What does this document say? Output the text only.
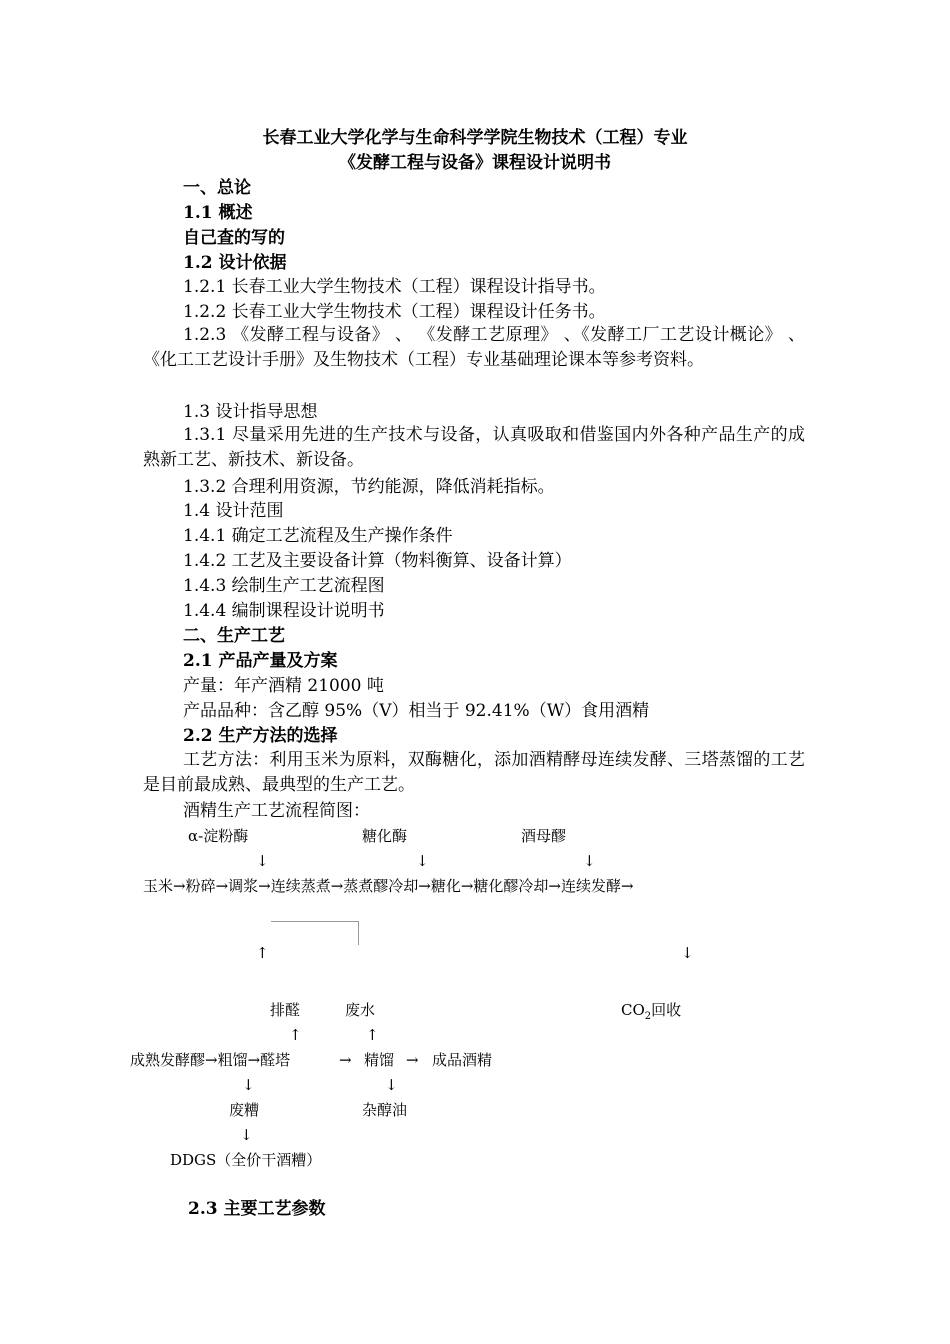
长春工业大学化学与生命科学学院生物技术（工程）专业
《发酵工程与设备》课程设计说明书
一、总论
1.1 概述
自己查的写的
1.2 设计依据
1.2.1 长春工业大学生物技术（工程）课程设计指导书。
1.2.2 长春工业大学生物技术（工程）课程设计任务书。
1.2.3 《发酵工程与设备》 、 《发酵工艺原理》 、《发酵工厂工艺设计概论》 、《化工工艺设计手册》及生物技术（工程）专业基础理论课本等参考资料。
1.3 设计指导思想
1.3.1 尽量采用先进的生产技术与设备，认真吸取和借鉴国内外各种产品生产的成熟新工艺、新技术、新设备。
1.3.2 合理利用资源，节约能源，降低消耗指标。
1.4 设计范围
1.4.1 确定工艺流程及生产操作条件
1.4.2 工艺及主要设备计算（物料衡算、设备计算）
1.4.3 绘制生产工艺流程图
1.4.4 编制课程设计说明书
二、生产工艺
2.1 产品产量及方案
产量：年产酒精 21000 吨
产品品种：含乙醇 95%（V）相当于 92.41%（W）食用酒精
2.2 生产方法的选择
工艺方法：利用玉米为原料，双酶糖化，添加酒精酵母连续发酵、三塔蒸馏的工艺是目前最成熟、最典型的生产工艺。
酒精生产工艺流程简图：
α-淀粉酶	糖化酶	酒母醪
↓	↓	↓
玉米→粉碎→调浆→连续蒸煮→蒸煮醪冷却→糖化→糖化醪冷却→连续发酵→
↑	↓
排醛	废水	$CO_2$回收
↑	↑
成熟发酵醪→粗馏→醛塔	→ 精馏 → 成品酒精
↓	↓
废糟	杂醇油
↓
DDGS（全价干酒糟）
2.3 主要工艺参数
